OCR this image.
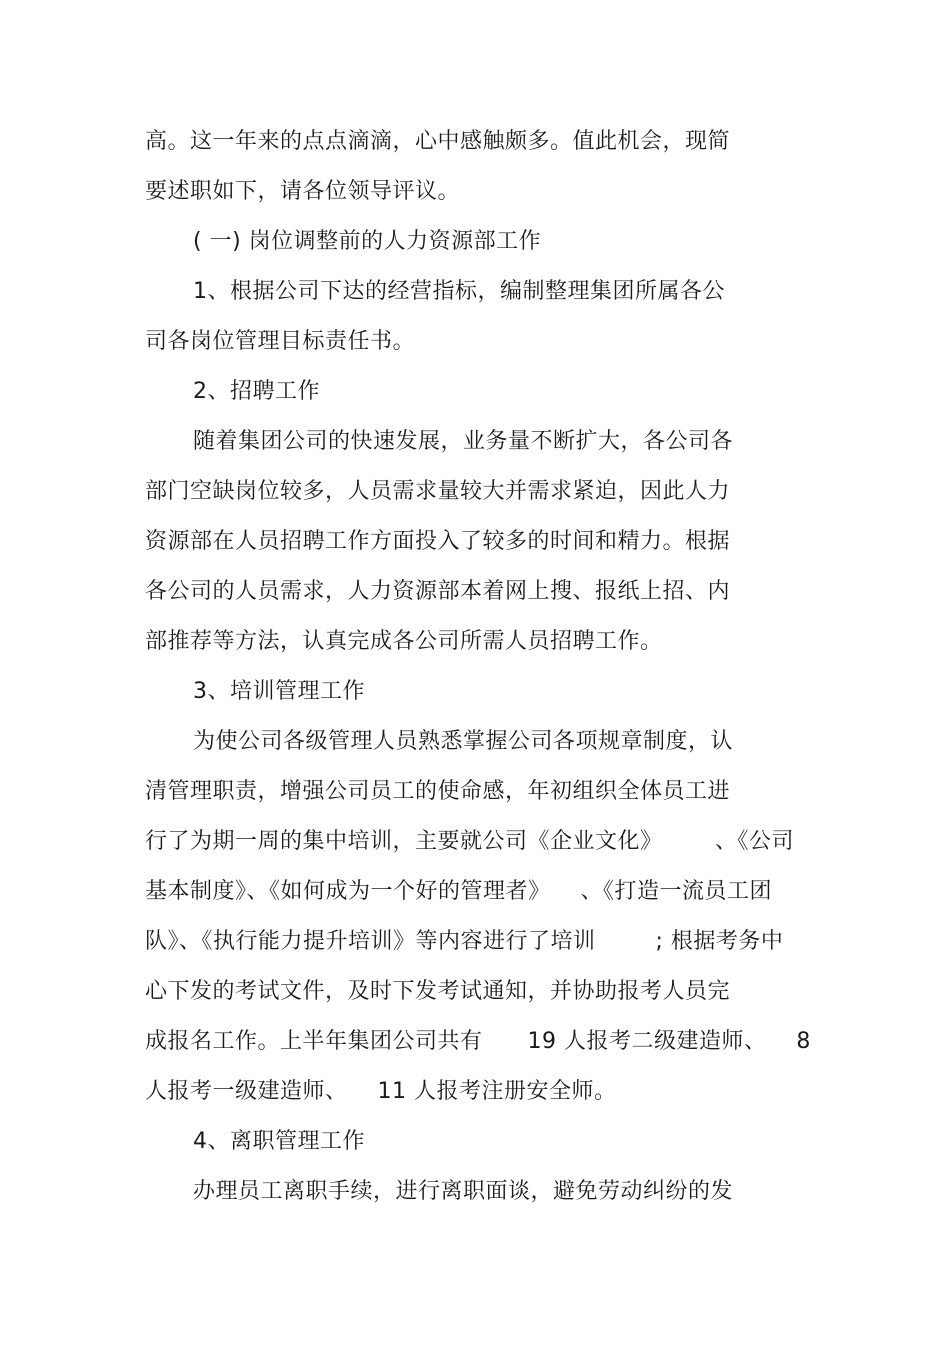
高。这一年来的点点滴滴，心中感触颇多。值此机会，现简
要述职如下，请各位领导评议。
( 一) 岗位调整前的人力资源部工作
1、根据公司下达的经营指标，编制整理集团所属各公
司各岗位管理目标责任书。
2、招聘工作
随着集团公司的快速发展，业务量不断扩大，各公司各
部门空缺岗位较多，人员需求量较大并需求紧迫，因此人力
资源部在人员招聘工作方面投入了较多的时间和精力。根据
各公司的人员需求，人力资源部本着网上搜、报纸上招、内
部推荐等方法，认真完成各公司所需人员招聘工作。
3、培训管理工作
为使公司各级管理人员熟悉掌握公司各项规章制度，认
清管理职责，增强公司员工的使命感，年初组织全体员工进
行了为期一周的集中培训，主要就公司《企业文化》       、《公司
基本制度》、《如何成为一个好的管理者》    、《打造一流员工团
队》、《执行能力提升培训》等内容进行了培训        ; 根据考务中
心下发的考试文件，及时下发考试通知，并协助报考人员完
成报名工作。上半年集团公司共有      19 人报考二级建造师、    8
人报考一级建造师、    11 人报考注册安全师。
4、离职管理工作
办理员工离职手续，进行离职面谈，避免劳动纠纷的发
